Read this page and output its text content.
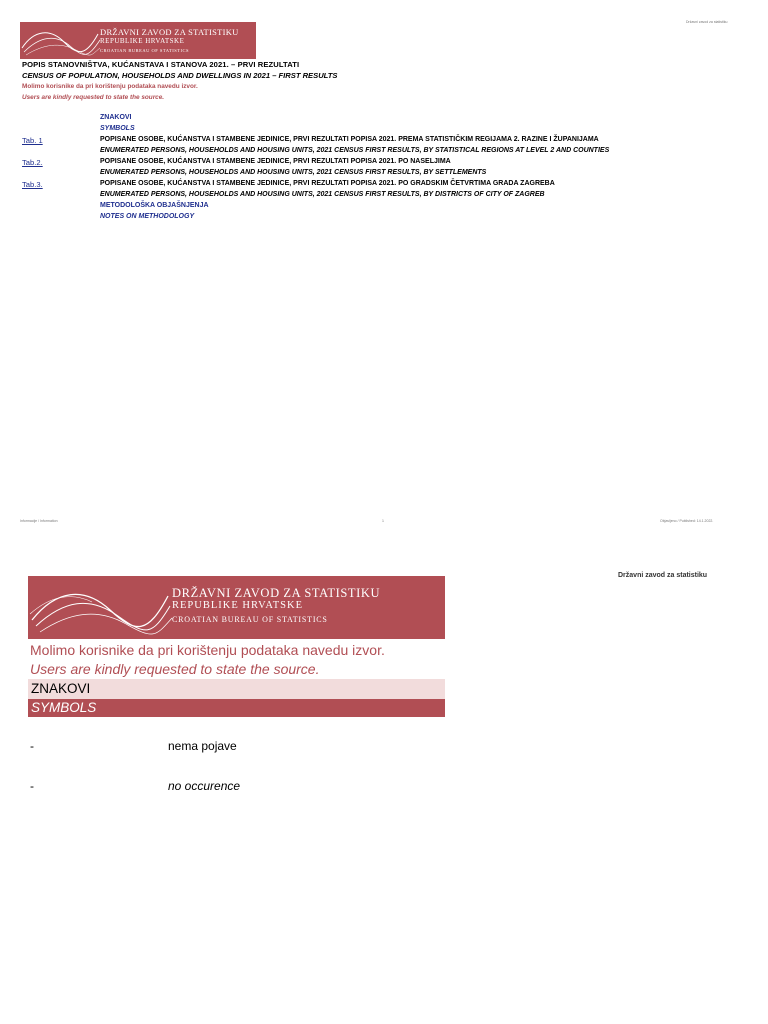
Državni zavod za statistiku
DRŽAVNI ZAVOD ZA STATISTIKU
REPUBLIKE HRVATSKE
CROATIAN BUREAU OF STATISTICS
POPIS STANOVNIŠTVA, KUĆANSTAVA I STANOVA 2021. – PRVI REZULTATI
CENSUS OF POPULATION, HOUSEHOLDS AND DWELLINGS IN 2021 – FIRST RESULTS
Molimo korisnike da pri korištenju podataka navedu izvor.
Users are kindly requested to state the source.
ZNAKOVI
SYMBOLS
Tab. 1	POPISANE OSOBE, KUĆANSTVA I STAMBENE JEDINICE, PRVI REZULTATI POPISA 2021. PREMA STATISTIČKIM REGIJAMA 2. RAZINE I ŽUPANIJAMA
ENUMERATED PERSONS, HOUSEHOLDS AND HOUSING UNITS, 2021 CENSUS FIRST RESULTS, BY STATISTICAL REGIONS AT LEVEL 2 AND COUNTIES
Tab.2.	POPISANE OSOBE, KUĆANSTVA I STAMBENE JEDINICE, PRVI REZULTATI POPISA 2021. PO NASELJIMA
ENUMERATED PERSONS, HOUSEHOLDS AND HOUSING UNITS, 2021 CENSUS FIRST RESULTS, BY SETTLEMENTS
Tab.3.	POPISANE OSOBE, KUĆANSTVA I STAMBENE JEDINICE, PRVI REZULTATI POPISA 2021. PO GRADSKIM ČETVRTIMA GRADA ZAGREBA
ENUMERATED PERSONS, HOUSEHOLDS AND HOUSING UNITS, 2021 CENSUS FIRST RESULTS, BY DISTRICTS OF CITY OF ZAGREB
METODOLOŠKA OBJAŠNJENJA
NOTES ON METHODOLOGY
Informacije / Information	1	Objavljeno / Published: 14.1.2022.
Državni zavod za statistiku
DRŽAVNI ZAVOD ZA STATISTIKU
REPUBLIKE HRVATSKE
CROATIAN BUREAU OF STATISTICS
Molimo korisnike da pri korištenju podataka navedu izvor.
Users are kindly requested to state the source.
ZNAKOVI
SYMBOLS
-	nema pojave
-	no occurence
